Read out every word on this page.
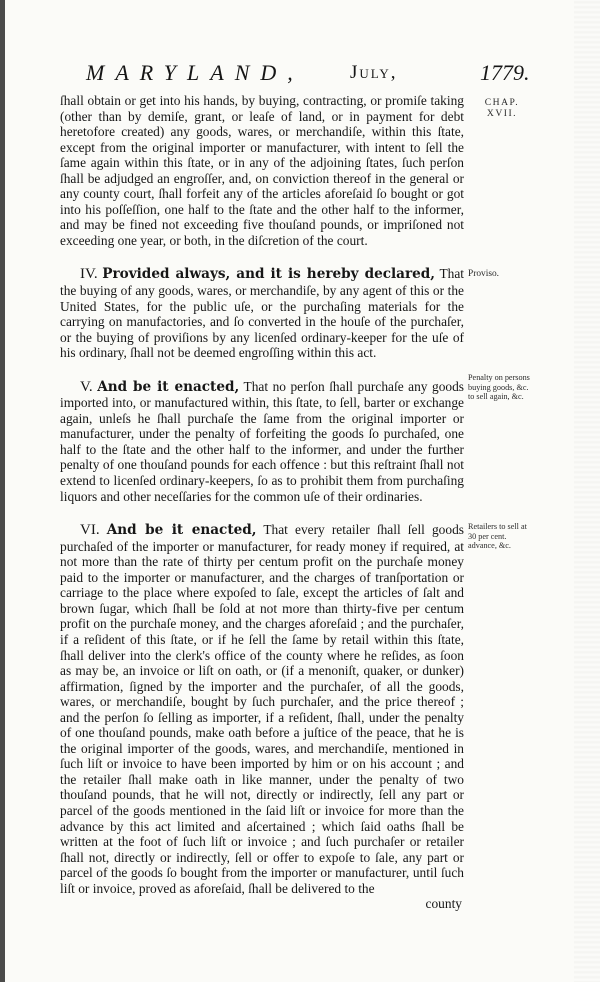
MARYLAND, July,	1779.
CHAP. XVII.
Proviso.
Penalty on persons buying goods, &c. to sell again, &c.
Retailers to sell at 30 per cent. advance, &c.

ſhall obtain or get into his hands, by buying, contracting, or promiſe taking (other than by demiſe, grant, or leaſe of land, or in payment for debt heretofore created) any goods, wares, or merchandiſe, within this ſtate, except from the original importer or manufacturer, with intent to ſell the ſame again within this ſtate, or in any of the adjoining ſtates, ſuch perſon ſhall be adjudged an engroſſer, and, on conviction thereof in the general or any county court, ſhall forfeit any of the articles aforeſaid ſo bought or got into his poſſeſſion, one half to the ſtate and the other half to the informer, and may be fined not exceeding five thouſand pounds, or impriſoned not exceeding one year, or both, in the diſcretion of the court.

IV. Provided always, and it is hereby declared, That the buying of any goods, wares, or merchandiſe, by any agent of this or the United States, for the public uſe, or the purchaſing materials for the carrying on manufactories, and ſo converted in the houſe of the purchaſer, or the buying of proviſions by any licenſed ordinary-keeper for the uſe of his ordinary, ſhall not be deemed engroſſing within this act.

V. And be it enacted, That no perſon ſhall purchaſe any goods imported into, or manufactured within, this ſtate, to ſell, barter or exchange again, unleſs he ſhall purchaſe the ſame from the original importer or manufacturer, under the penalty of forfeiting the goods ſo purchaſed, one half to the ſtate and the other half to the informer, and under the further penalty of one thouſand pounds for each offence : but this reſtraint ſhall not extend to licenſed ordinary-keepers, ſo as to prohibit them from purchaſing liquors and other neceſſaries for the common uſe of their ordinaries.

VI. And be it enacted, That every retailer ſhall ſell goods purchaſed of the importer or manufacturer, for ready money if required, at not more than the rate of thirty per centum profit on the purchaſe money paid to the importer or manufacturer, and the charges of tranſportation or carriage to the place where expoſed to ſale, except the articles of ſalt and brown ſugar, which ſhall be ſold at not more than thirty-five per centum profit on the purchaſe money, and the charges aforeſaid ; and the purchaſer, if a reſident of this ſtate, or if he ſell the ſame by retail within this ſtate, ſhall deliver into the clerk's office of the county where he reſides, as ſoon as may be, an invoice or liſt on oath, or (if a menoniſt, quaker, or dunker) affirmation, ſigned by the importer and the purchaſer, of all the goods, wares, or merchandiſe, bought by ſuch purchaſer, and the price thereof ; and the perſon ſo ſelling as importer, if a reſident, ſhall, under the penalty of one thouſand pounds, make oath before a juſtice of the peace, that he is the original importer of the goods, wares, and merchandiſe, mentioned in ſuch liſt or invoice to have been imported by him or on his account ; and the retailer ſhall make oath in like manner, under the penalty of two thouſand pounds, that he will not, directly or indirectly, ſell any part or parcel of the goods mentioned in the ſaid liſt or invoice for more than the advance by this act limited and aſcertained ; which ſaid oaths ſhall be written at the foot of ſuch liſt or invoice ; and ſuch purchaſer or retailer ſhall not, directly or indirectly, ſell or offer to expoſe to ſale, any part or parcel of the goods ſo bought from the importer or manufacturer, until ſuch liſt or invoice, proved as aforeſaid, ſhall be delivered to the

county
